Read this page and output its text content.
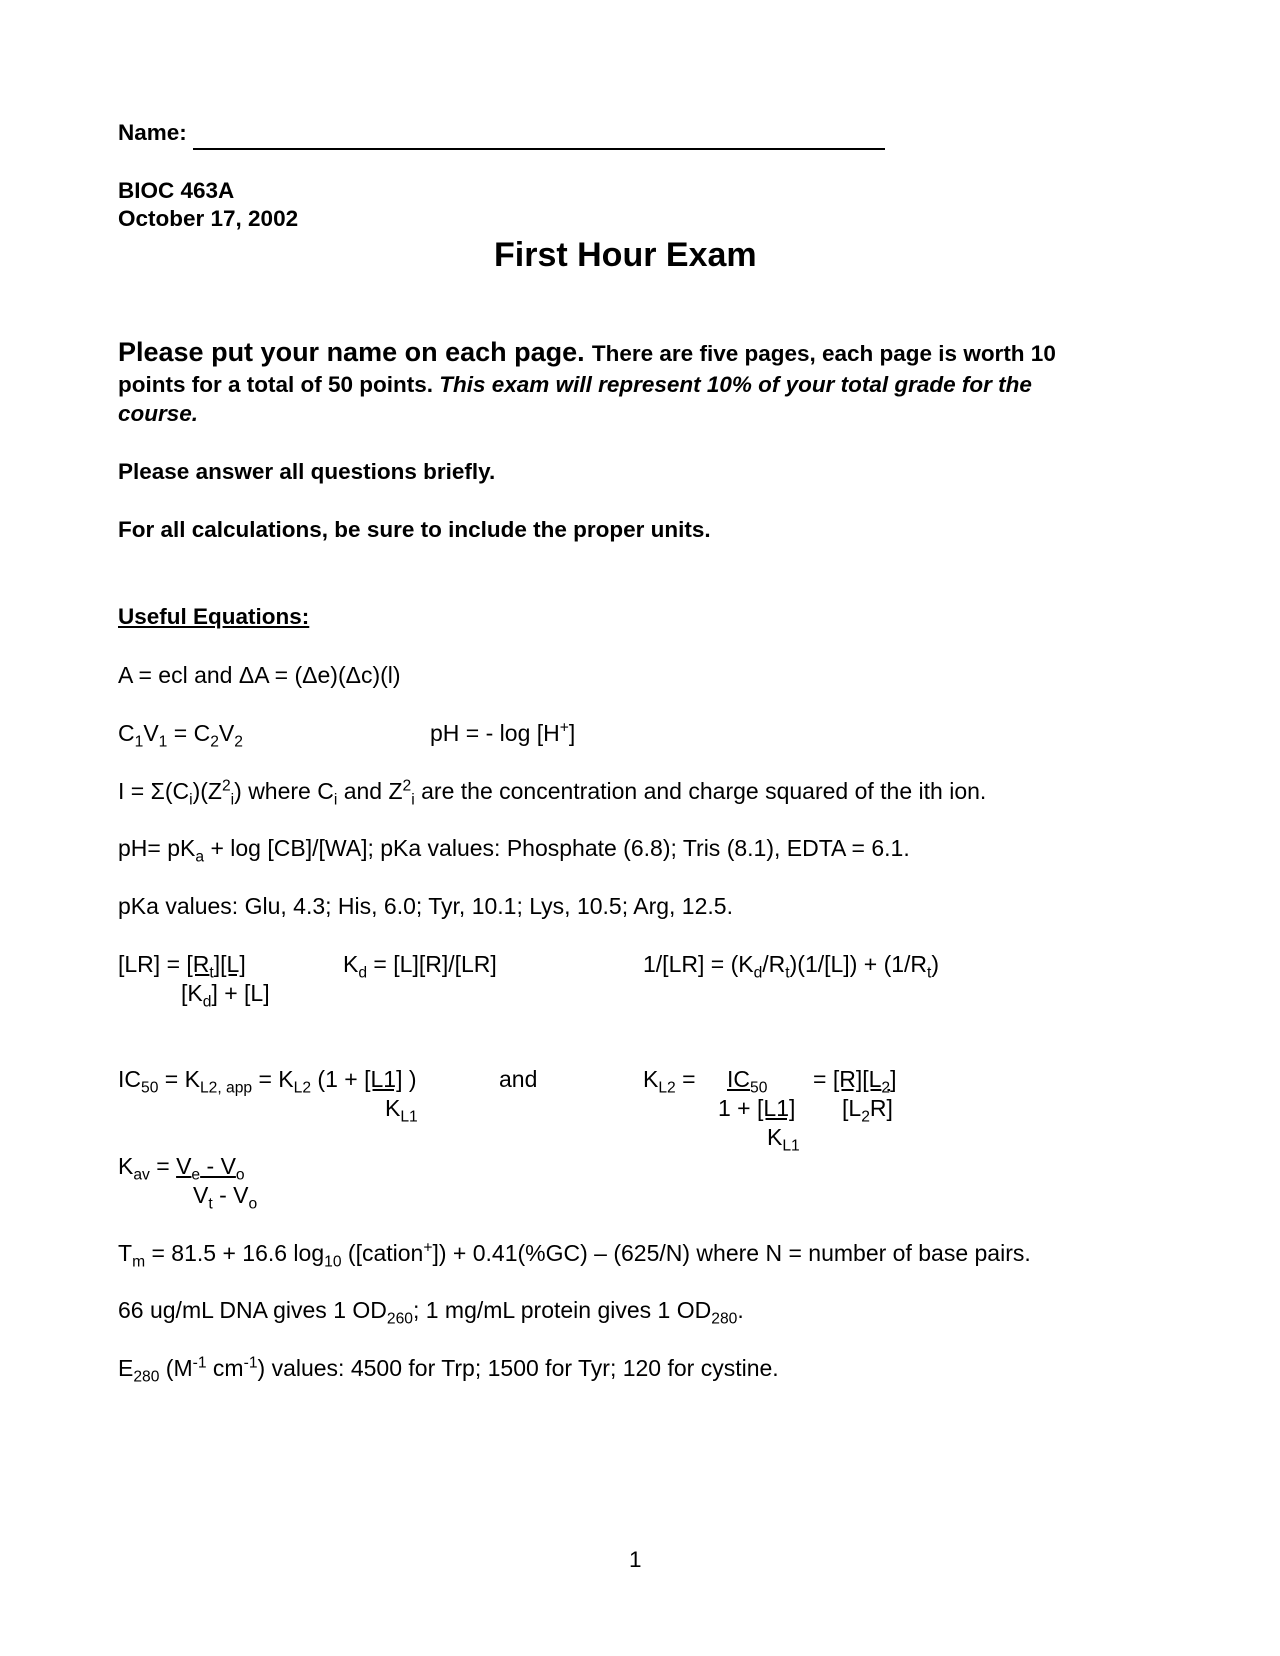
Name:
BIOC 463A
October 17, 2002
First Hour Exam
Please put your name on each page. There are five pages, each page is worth 10
points for a total of 50 points. This exam will represent 10% of your total grade for the
course.
Please answer all questions briefly.
For all calculations, be sure to include the proper units.
Useful Equations:
A = ecl and ΔA = (Δe)(Δc)(l)
$C_1V_1 = C_2V_2$	pH = - log [H+]
$I = \Sigma(C_i)(Z^2_i)$ where $C_i$ and $Z^2_i$ are the concentration and charge squared of the ith ion.
$pH= pK_a + \log [CB]/[WA]$; pKa values: Phosphate (6.8); Tris (8.1), EDTA = 6.1.
pKa values: Glu, 4.3; His, 6.0; Tyr, 10.1; Lys, 10.5; Arg, 12.5.
$[LR] = [R_t][L]$
$[K_d] + [L]$
$K_d = [L][R]/[LR]$	$1/[LR] = (K_d/R_t)(1/[L]) + (1/R_t)$
$IC_{50} = K_{L2, app} = K_{L2}$ (1 + [L1] )
$K_{L1}$
and	$K_{L2} = IC_{50}$
1 + [L1]
$K_{L1}$
= $[R][L_2]$
$[L_2R]$
$K_{av} = V_e - V_o$
$V_t - V_o$
$T_m = 81.5 + 16.6$ $\log_{10}$ ([cation+]) + 0.41(%GC) – (625/N) where N = number of base pairs.
66 ug/mL DNA gives 1 $OD_{260}$; 1 mg/mL protein gives 1 $OD_{280}$.
$E_{280}$ ($M^{-1}$ $cm^{-1}$) values: 4500 for Trp; 1500 for Tyr; 120 for cystine.
1
